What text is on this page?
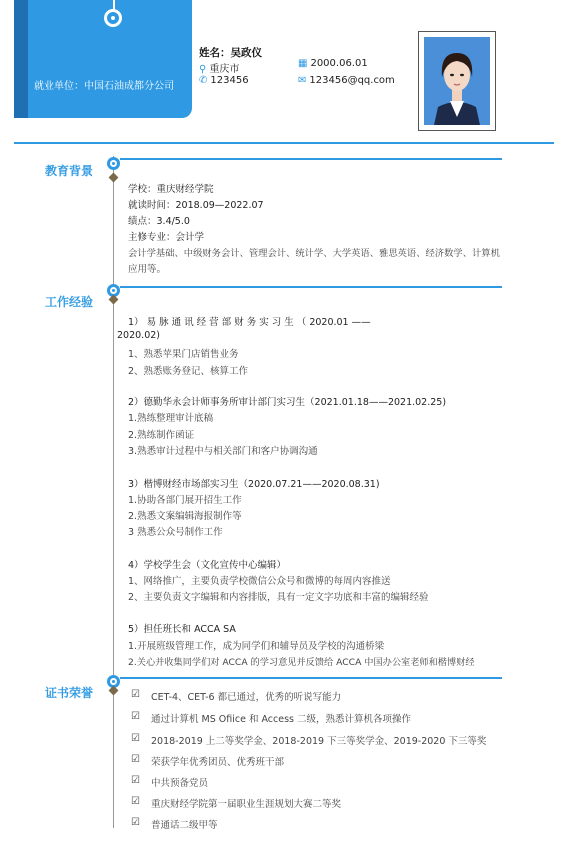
就业单位：中国石油成都分公司
姓名：吴政仪
⚲ 重庆市
✆ 123456
▦ 2000.06.01
✉ 123456@qq.com
教育背景
学校：重庆财经学院
就读时间：2018.09—2022.07
绩点：3.4/5.0
主修专业：会计学
会计学基础、中级财务会计、管理会计、统计学、大学英语、雅思英语、经济数学、计算机
应用等。
工作经验
1） 易 脉 通 讯 经 营 部 财 务 实 习 生 （ 2020.01 ——
2020.02)
1、熟悉苹果门店销售业务
2、熟悉账务登记、核算工作
2）德勤华永会计师事务所审计部门实习生（2021.01.18——2021.02.25)
1.熟练整理审计底稿
2.熟练制作函证
3.熟悉审计过程中与相关部门和客户协调沟通
3）楷博财经市场部实习生（2020.07.21——2020.08.31)
1.协助各部门展开招生工作
2.熟悉文案编辑海报制作等
3 熟悉公众号制作工作
4）学校学生会（文化宣传中心编辑）
1、网络推广，主要负责学校微信公众号和微博的每周内容推送
2、主要负责文字编辑和内容排版，具有一定文字功底和丰富的编辑经验
5）担任班长和 ACCA SA
1.开展班级管理工作，成为同学们和辅导员及学校的沟通桥梁
2.关心并收集同学们对 ACCA 的学习意见并反馈给 ACCA 中国办公室老师和楷博财经
证书荣誉	☑ CET-4、CET-6 都已通过，优秀的听说写能力
☑ 通过计算机 MS Ofiice 和 Access 二级，熟悉计算机各项操作
☑ 2018-2019 上二等奖学金、2018-2019 下三等奖学金、2019-2020 下三等奖
☑ 荣获学年优秀团员、优秀班干部
☑ 中共预备党员
☑ 重庆财经学院第一届职业生涯规划大赛二等奖
☑ 普通话二级甲等
